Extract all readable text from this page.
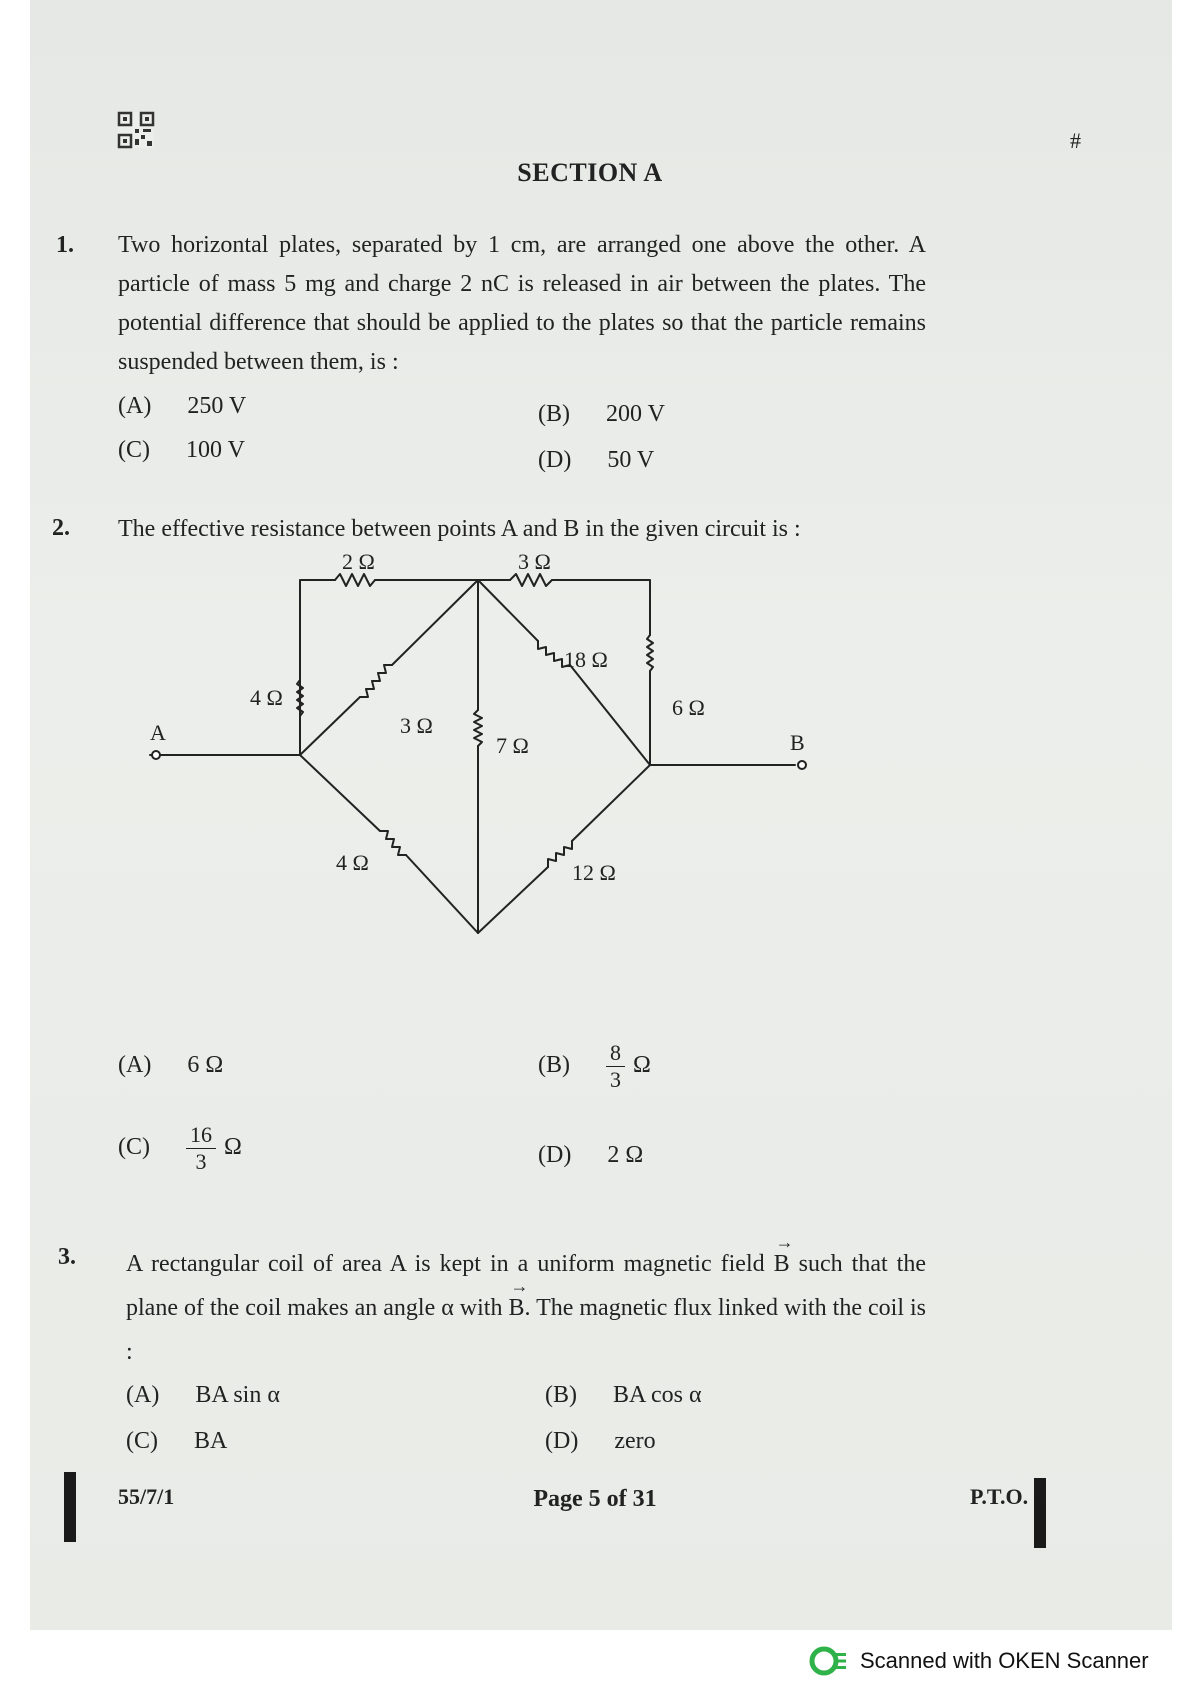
#
SECTION A
1. Two horizontal plates, separated by 1 cm, are arranged one above the other. A particle of mass 5 mg and charge 2 nC is released in air between the plates. The potential difference that should be applied to the plates so that the particle remains suspended between them, is :
(A) 250 V	(B) 200 V
(C) 100 V	(D) 50 V
2. The effective resistance between points A and B in the given circuit is :
A	B
2 Ω	3 Ω
4 Ω
3 Ω
18 Ω
6 Ω
7 Ω
4 Ω	12 Ω
(A) 6 Ω	$(B) \frac{8}{3}$ Ω
$(C) \frac{16}{3}$ Ω	(D) 2 Ω
3. A rectangular coil of area A is kept in a uniform magnetic field → B such that the plane of the coil makes an angle α with → B. The magnetic flux linked with the coil is :
(A) BA sin α	(B) BA cos α
(C) BA	(D) zero
55/7/1	Page 5 of 31	P.T.O.
Scanned with OKEN Scanner
